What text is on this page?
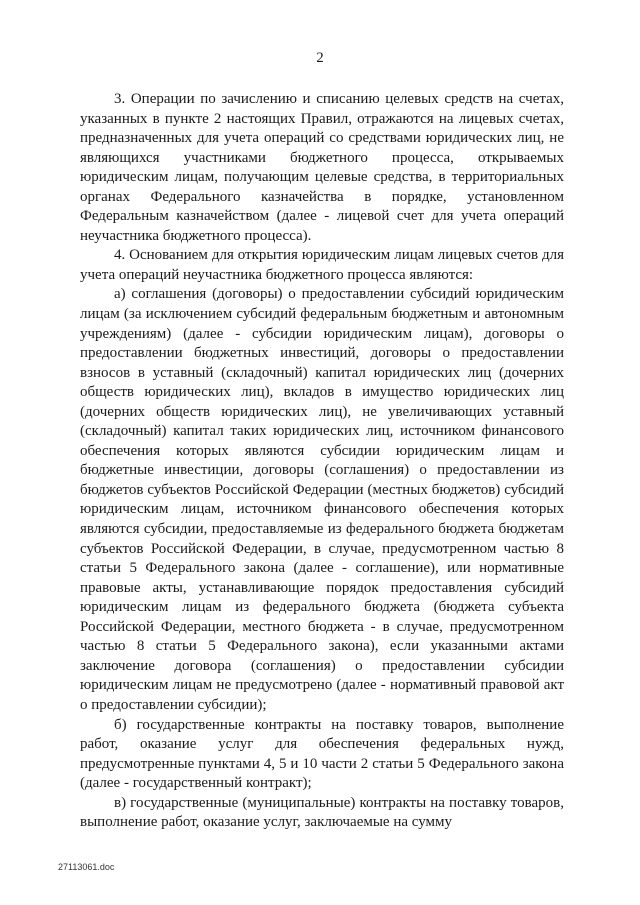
2

3. Операции по зачислению и списанию целевых средств на счетах, указанных в пункте 2 настоящих Правил, отражаются на лицевых счетах, предназначенных для учета операций со средствами юридических лиц, не являющихся участниками бюджетного процесса, открываемых юридическим лицам, получающим целевые средства, в территориальных органах Федерального казначейства в порядке, установленном Федеральным казначейством (далее - лицевой счет для учета операций неучастника бюджетного процесса).

4. Основанием для открытия юридическим лицам лицевых счетов для учета операций неучастника бюджетного процесса являются:

а) соглашения (договоры) о предоставлении субсидий юридическим лицам (за исключением субсидий федеральным бюджетным и автономным учреждениям) (далее - субсидии юридическим лицам), договоры о предоставлении бюджетных инвестиций, договоры о предоставлении взносов в уставный (складочный) капитал юридических лиц (дочерних обществ юридических лиц), вкладов в имущество юридических лиц (дочерних обществ юридических лиц), не увеличивающих уставный (складочный) капитал таких юридических лиц, источником финансового обеспечения которых являются субсидии юридическим лицам и бюджетные инвестиции, договоры (соглашения) о предоставлении из бюджетов субъектов Российской Федерации (местных бюджетов) субсидий юридическим лицам, источником финансового обеспечения которых являются субсидии, предоставляемые из федерального бюджета бюджетам субъектов Российской Федерации, в случае, предусмотренном частью 8 статьи 5 Федерального закона (далее - соглашение), или нормативные правовые акты, устанавливающие порядок предоставления субсидий юридическим лицам из федерального бюджета (бюджета субъекта Российской Федерации, местного бюджета - в случае, предусмотренном частью 8 статьи 5 Федерального закона), если указанными актами заключение договора (соглашения) о предоставлении субсидии юридическим лицам не предусмотрено (далее - нормативный правовой акт о предоставлении субсидии);

б) государственные контракты на поставку товаров, выполнение работ, оказание услуг для обеспечения федеральных нужд, предусмотренные пунктами 4, 5 и 10 части 2 статьи 5 Федерального закона (далее - государственный контракт);

в) государственные (муниципальные) контракты на поставку товаров, выполнение работ, оказание услуг, заключаемые на сумму

27113061.doc
